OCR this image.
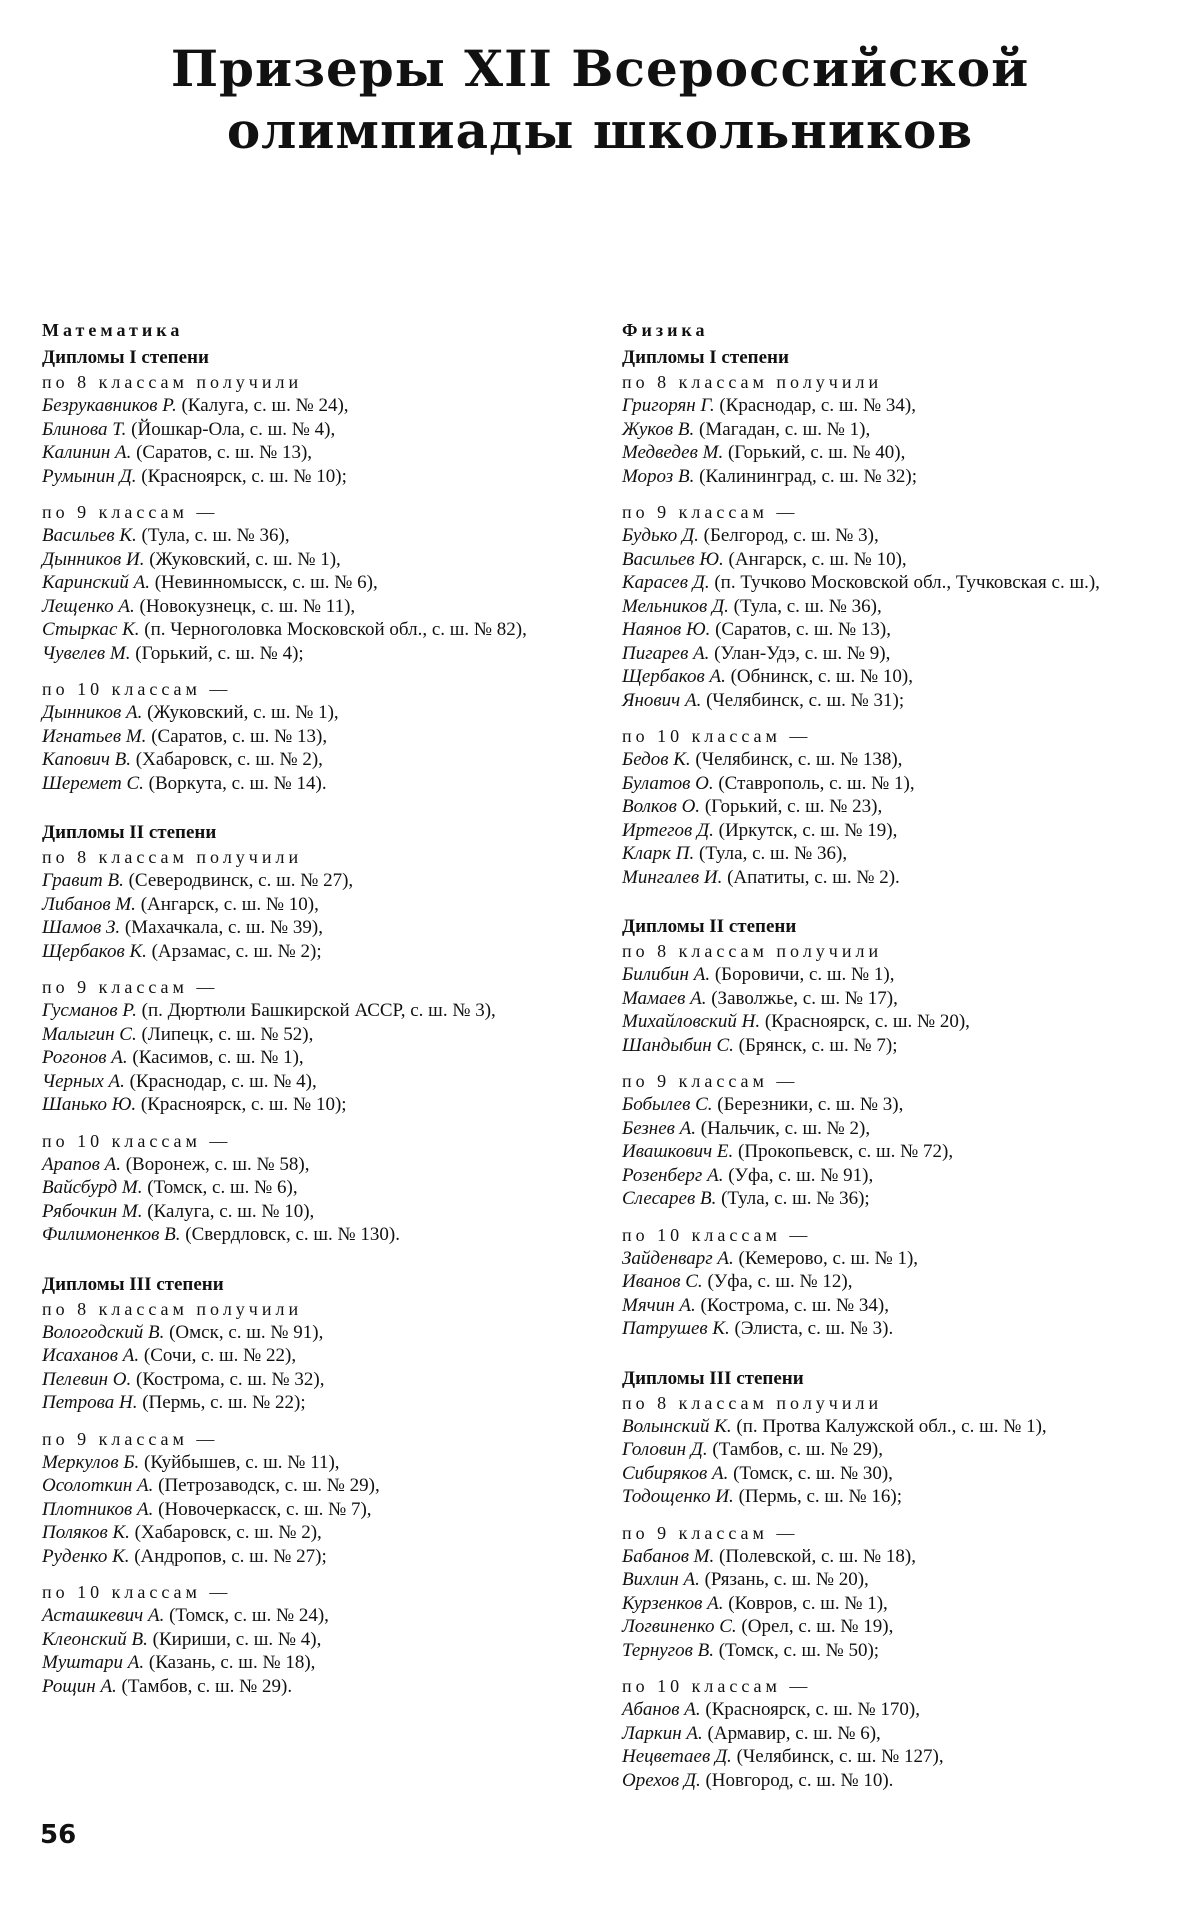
Призеры XII Всероссийской
олимпиады школьников
Математика
Дипломы I степени
по 8 классам получили
Безрукавников Р. (Калуга, с. ш. № 24),
Блинова Т. (Йошкар-Ола, с. ш. № 4),
Калинин А. (Саратов, с. ш. № 13),
Румынин Д. (Красноярск, с. ш. № 10);
по 9 классам —
Васильев К. (Тула, с. ш. № 36),
Дынников И. (Жуковский, с. ш. № 1),
Каринский А. (Невинномысск, с. ш. № 6),
Лещенко А. (Новокузнецк, с. ш. № 11),
Стыркас К. (п. Черноголовка Московской обл., с. ш. № 82),
Чувелев М. (Горький, с. ш. № 4);
по 10 классам —
Дынников А. (Жуковский, с. ш. № 1),
Игнатьев М. (Саратов, с. ш. № 13),
Капович В. (Хабаровск, с. ш. № 2),
Шеремет С. (Воркута, с. ш. № 14).
Дипломы II степени
по 8 классам получили
Гравит В. (Северодвинск, с. ш. № 27),
Либанов М. (Ангарск, с. ш. № 10),
Шамов З. (Махачкала, с. ш. № 39),
Щербаков К. (Арзамас, с. ш. № 2);
по 9 классам —
Гусманов Р. (п. Дюртюли Башкирской АССР, с. ш. № 3),
Малыгин С. (Липецк, с. ш. № 52),
Рогонов А. (Касимов, с. ш. № 1),
Черных А. (Краснодар, с. ш. № 4),
Шанько Ю. (Красноярск, с. ш. № 10);
по 10 классам —
Арапов А. (Воронеж, с. ш. № 58),
Вайсбурд М. (Томск, с. ш. № 6),
Рябочкин М. (Калуга, с. ш. № 10),
Филимоненков В. (Свердловск, с. ш. № 130).
Дипломы III степени
по 8 классам получили
Вологодский В. (Омск, с. ш. № 91),
Исаханов А. (Сочи, с. ш. № 22),
Пелевин О. (Кострома, с. ш. № 32),
Петрова Н. (Пермь, с. ш. № 22);
по 9 классам —
Меркулов Б. (Куйбышев, с. ш. № 11),
Осолоткин А. (Петрозаводск, с. ш. № 29),
Плотников А. (Новочеркасск, с. ш. № 7),
Поляков К. (Хабаровск, с. ш. № 2),
Руденко К. (Андропов, с. ш. № 27);
по 10 классам —
Асташкевич А. (Томск, с. ш. № 24),
Клеонский В. (Кириши, с. ш. № 4),
Муштари А. (Казань, с. ш. № 18),
Рощин А. (Тамбов, с. ш. № 29).
Физика
Дипломы I степени
по 8 классам получили
Григорян Г. (Краснодар, с. ш. № 34),
Жуков В. (Магадан, с. ш. № 1),
Медведев М. (Горький, с. ш. № 40),
Мороз В. (Калининград, с. ш. № 32);
по 9 классам —
Будько Д. (Белгород, с. ш. № 3),
Васильев Ю. (Ангарск, с. ш. № 10),
Карасев Д. (п. Тучково Московской обл., Тучковская с. ш.),
Мельников Д. (Тула, с. ш. № 36),
Наянов Ю. (Саратов, с. ш. № 13),
Пигарев А. (Улан-Удэ, с. ш. № 9),
Щербаков А. (Обнинск, с. ш. № 10),
Янович А. (Челябинск, с. ш. № 31);
по 10 классам —
Бедов К. (Челябинск, с. ш. № 138),
Булатов О. (Ставрополь, с. ш. № 1),
Волков О. (Горький, с. ш. № 23),
Иртегов Д. (Иркутск, с. ш. № 19),
Кларк П. (Тула, с. ш. № 36),
Мингалев И. (Апатиты, с. ш. № 2).
Дипломы II степени
по 8 классам получили
Билибин А. (Боровичи, с. ш. № 1),
Мамаев А. (Заволжье, с. ш. № 17),
Михайловский Н. (Красноярск, с. ш. № 20),
Шандыбин С. (Брянск, с. ш. № 7);
по 9 классам —
Бобылев С. (Березники, с. ш. № 3),
Безнев А. (Нальчик, с. ш. № 2),
Ивашкович Е. (Прокопьевск, с. ш. № 72),
Розенберг А. (Уфа, с. ш. № 91),
Слесарев В. (Тула, с. ш. № 36);
по 10 классам —
Зайденварг А. (Кемерово, с. ш. № 1),
Иванов С. (Уфа, с. ш. № 12),
Мячин А. (Кострома, с. ш. № 34),
Патрушев К. (Элиста, с. ш. № 3).
Дипломы III степени
по 8 классам получили
Волынский К. (п. Протва Калужской обл., с. ш. № 1),
Головин Д. (Тамбов, с. ш. № 29),
Сибиряков А. (Томск, с. ш. № 30),
Тодощенко И. (Пермь, с. ш. № 16);
по 9 классам —
Бабанов М. (Полевской, с. ш. № 18),
Вихлин А. (Рязань, с. ш. № 20),
Курзенков А. (Ковров, с. ш. № 1),
Логвиненко С. (Орел, с. ш. № 19),
Тернугов В. (Томск, с. ш. № 50);
по 10 классам —
Абанов А. (Красноярск, с. ш. № 170),
Ларкин А. (Армавир, с. ш. № 6),
Нецветаев Д. (Челябинск, с. ш. № 127),
Орехов Д. (Новгород, с. ш. № 10).
56
